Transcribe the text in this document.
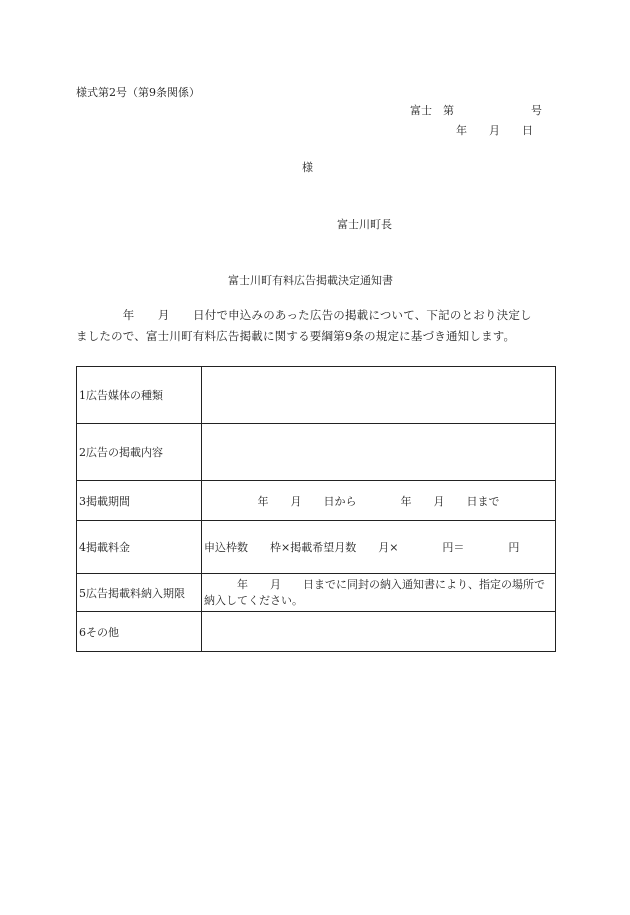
様式第2号（第9条関係）
富士　第　　　　　　　号
年　　月　　日
様
富士川町長
富士川町有料広告掲載決定通知書
　　　　年　　月　　日付で申込みのあった広告の掲載について、下記のとおり決定し
ましたので、富士川町有料広告掲載に関する要綱第9条の規定に基づき通知します。
1広告媒体の種類	
2広告の掲載内容	
3掲載期間	年　　月　　日から　　　　年　　月　　日まで
4掲載料金	申込枠数　　枠×掲載希望月数　　月×　　　　円＝　　　　円
5広告掲載料納入期限	　　　年　　月　　日までに同封の納入通知書により、指定の場所で納入してください。
6その他	
